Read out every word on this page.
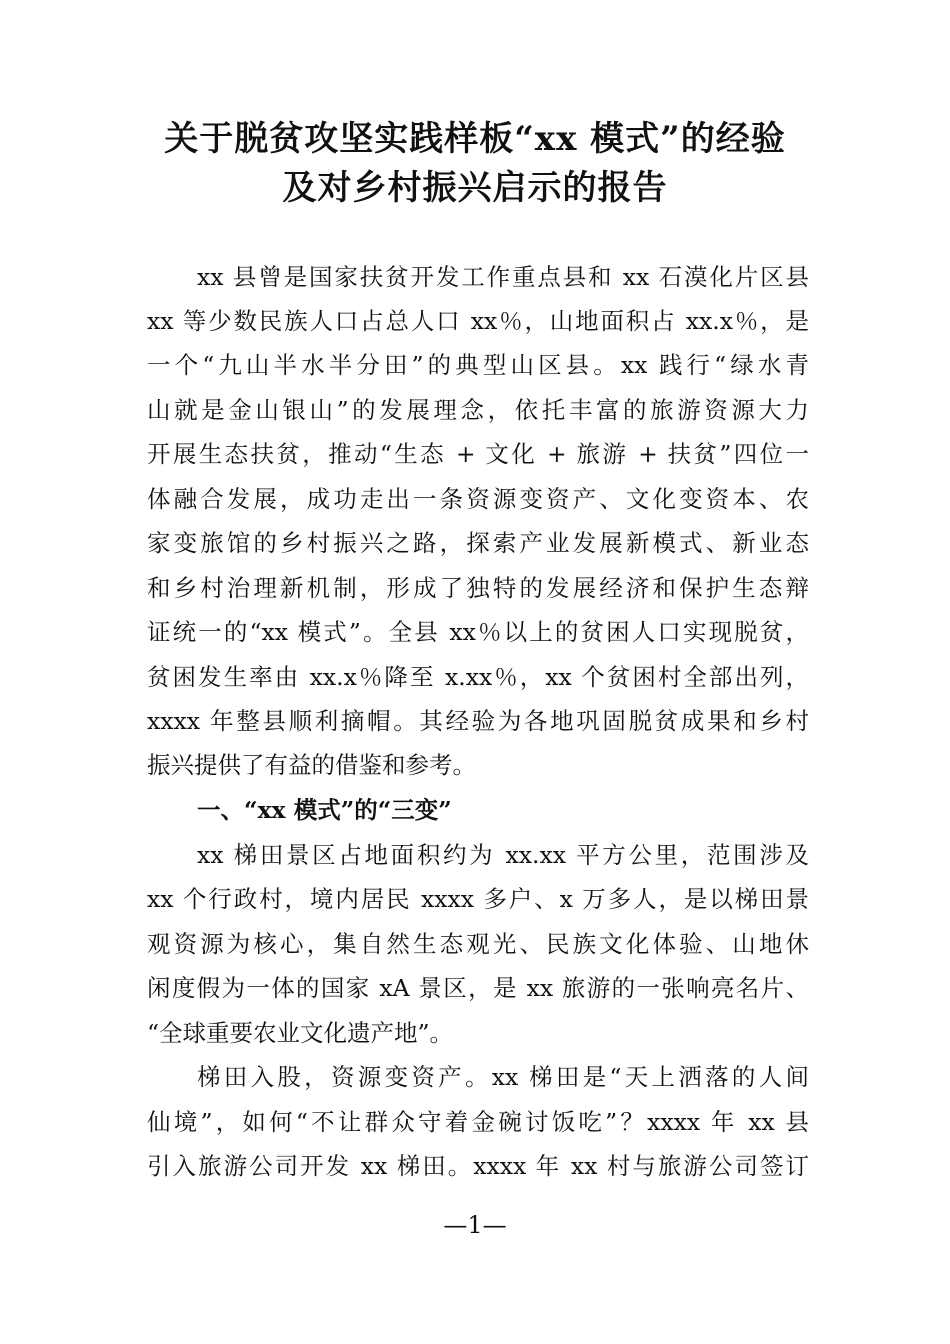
关于脱贫攻坚实践样板“xx 模式”的经验
及对乡村振兴启示的报告
xx 县曾是国家扶贫开发工作重点县和 xx 石漠化片区县
xx 等少数民族人口占总人口 xx％，山地面积占 xx.x％，是
一个“九山半水半分田”的典型山区县。xx 践行“绿水青
山就是金山银山”的发展理念，依托丰富的旅游资源大力
开展生态扶贫，推动“生态 + 文化 + 旅游 + 扶贫”四位一
体融合发展，成功走出一条资源变资产、文化变资本、农
家变旅馆的乡村振兴之路，探索产业发展新模式、新业态
和乡村治理新机制，形成了独特的发展经济和保护生态辩
证统一的“xx 模式”。全县 xx％以上的贫困人口实现脱贫，
贫困发生率由 xx.x％降至 x.xx％，xx 个贫困村全部出列，
xxxx 年整县顺利摘帽。其经验为各地巩固脱贫成果和乡村
振兴提供了有益的借鉴和参考。
一、“xx 模式”的“三变”
xx 梯田景区占地面积约为 xx.xx 平方公里，范围涉及
xx 个行政村，境内居民 xxxx 多户、x 万多人，是以梯田景
观资源为核心，集自然生态观光、民族文化体验、山地休
闲度假为一体的国家 xA 景区，是 xx 旅游的一张响亮名片、
“全球重要农业文化遗产地”。
梯田入股，资源变资产。xx 梯田是“天上洒落的人间
仙境”，如何“不让群众守着金碗讨饭吃”？xxxx 年 xx 县
引入旅游公司开发 xx 梯田。xxxx 年 xx 村与旅游公司签订
—1—
